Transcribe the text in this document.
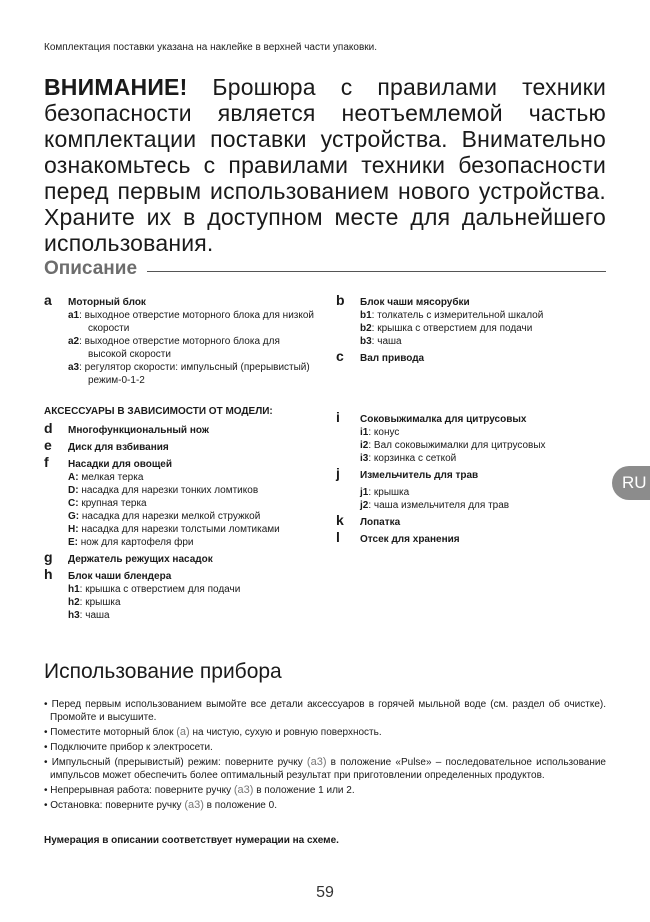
Комплектация поставки указана на наклейке в верхней части упаковки.
ВНИМАНИЕ! Брошюра с правилами техники безопасности является неотъемлемой частью комплектации поставки устройства. Внимательно ознакомьтесь с правилами техники безопасности перед первым использованием нового устройства. Храните их в доступном месте для дальнейшего использования.
Описание
a Моторный блок
a1: выходное отверстие моторного блока для низкой скорости
a2: выходное отверстие моторного блока для высокой скорости
a3: регулятор скорости: импульсный (прерывистый) режим-0-1-2
АКСЕССУАРЫ В ЗАВИСИМОСТИ ОТ МОДЕЛИ:
d Многофункциональный нож
e Диск для взбивания
f Насадки для овощей
A: мелкая терка
D: насадка для нарезки тонких ломтиков
C: крупная терка
G: насадка для нарезки мелкой стружкой
H: насадка для нарезки толстыми ломтиками
E: нож для картофеля фри
g Держатель режущих насадок
h Блок чаши блендера
h1: крышка с отверстием для подачи
h2: крышка
h3: чаша
b Блок чаши мясорубки
b1: толкатель с измерительной шкалой
b2: крышка с отверстием для подачи
b3: чаша
c Вал привода
i Соковыжималка для цитрусовых
i1: конус
i2: Вал соковыжималки для цитрусовых
i3: корзинка с сеткой
j Измельчитель для трав
j1: крышка
j2: чаша измельчителя для трав
k Лопатка
l Отсек для хранения
RU
Использование прибора
• Перед первым использованием вымойте все детали аксессуаров в горячей мыльной воде (см. раздел об очистке). Промойте и высушите.
• Поместите моторный блок (a) на чистую, сухую и ровную поверхность.
• Подключите прибор к электросети.
• Импульсный (прерывистый) режим: поверните ручку (a3) в положение «Pulse» – последовательное использование импульсов может обеспечить более оптимальный результат при приготовлении определенных продуктов.
• Непрерывная работа: поверните ручку (a3) в положение 1 или 2.
• Остановка: поверните ручку (a3) в положение 0.
Нумерация в описании соответствует нумерации на схеме.
59
